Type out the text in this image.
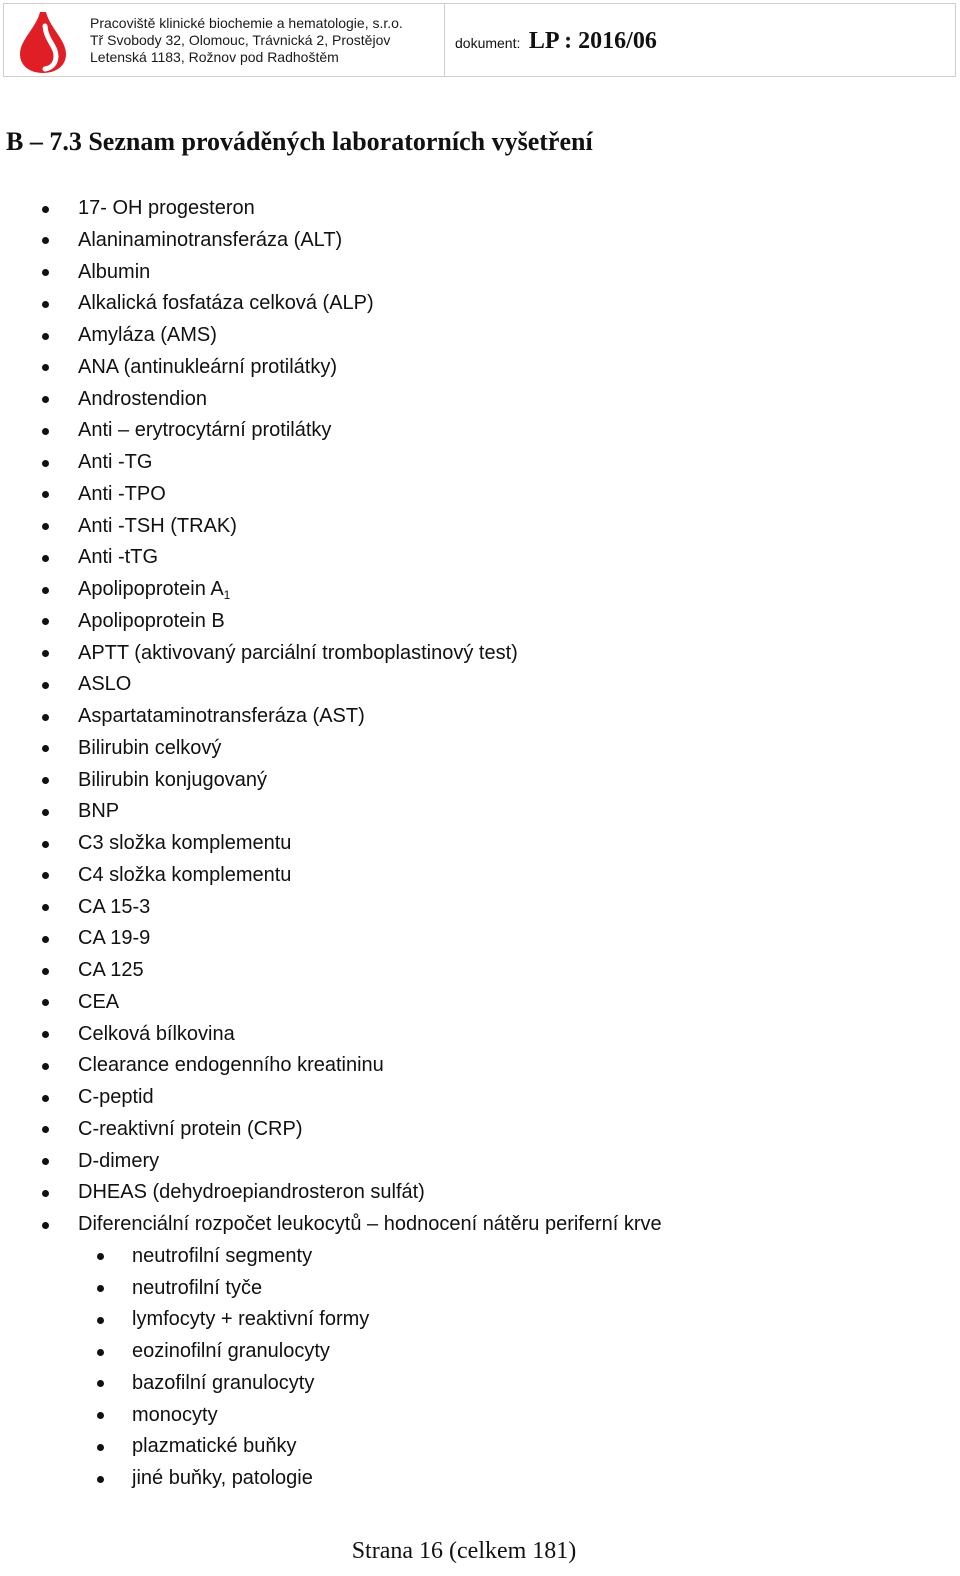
Pracoviště klinické biochemie a hematologie, s.r.o.
Tř Svobody 32, Olomouc, Trávnická 2, Prostějov
Letenská 1183, Rožnov pod Radhoštěm
dokument: LP : 2016/06
B – 7.3 Seznam prováděných laboratorních vyšetření
17- OH progesteron
Alaninaminotransferáza (ALT)
Albumin
Alkalická fosfatáza celková (ALP)
Amyláza (AMS)
ANA (antinukleární protilátky)
Androstendion
Anti – erytrocytární protilátky
Anti -TG
Anti -TPO
Anti -TSH (TRAK)
Anti -tTG
Apolipoprotein $A_1$
Apolipoprotein B
APTT (aktivovaný parciální tromboplastinový test)
ASLO
Aspartataminotransferáza (AST)
Bilirubin celkový
Bilirubin konjugovaný
BNP
C3 složka komplementu
C4 složka komplementu
CA 15-3
CA 19-9
CA 125
CEA
Celková bílkovina
Clearance endogenního kreatininu
C-peptid
C-reaktivní protein (CRP)
D-dimery
DHEAS (dehydroepiandrosteron sulfát)
Diferenciální rozpočet leukocytů – hodnocení nátěru periferní krve
neutrofilní segmenty
neutrofilní tyče
lymfocyty + reaktivní formy
eozinofilní granulocyty
bazofilní granulocyty
monocyty
plazmatické buňky
jiné buňky, patologie
Strana 16 (celkem 181)
